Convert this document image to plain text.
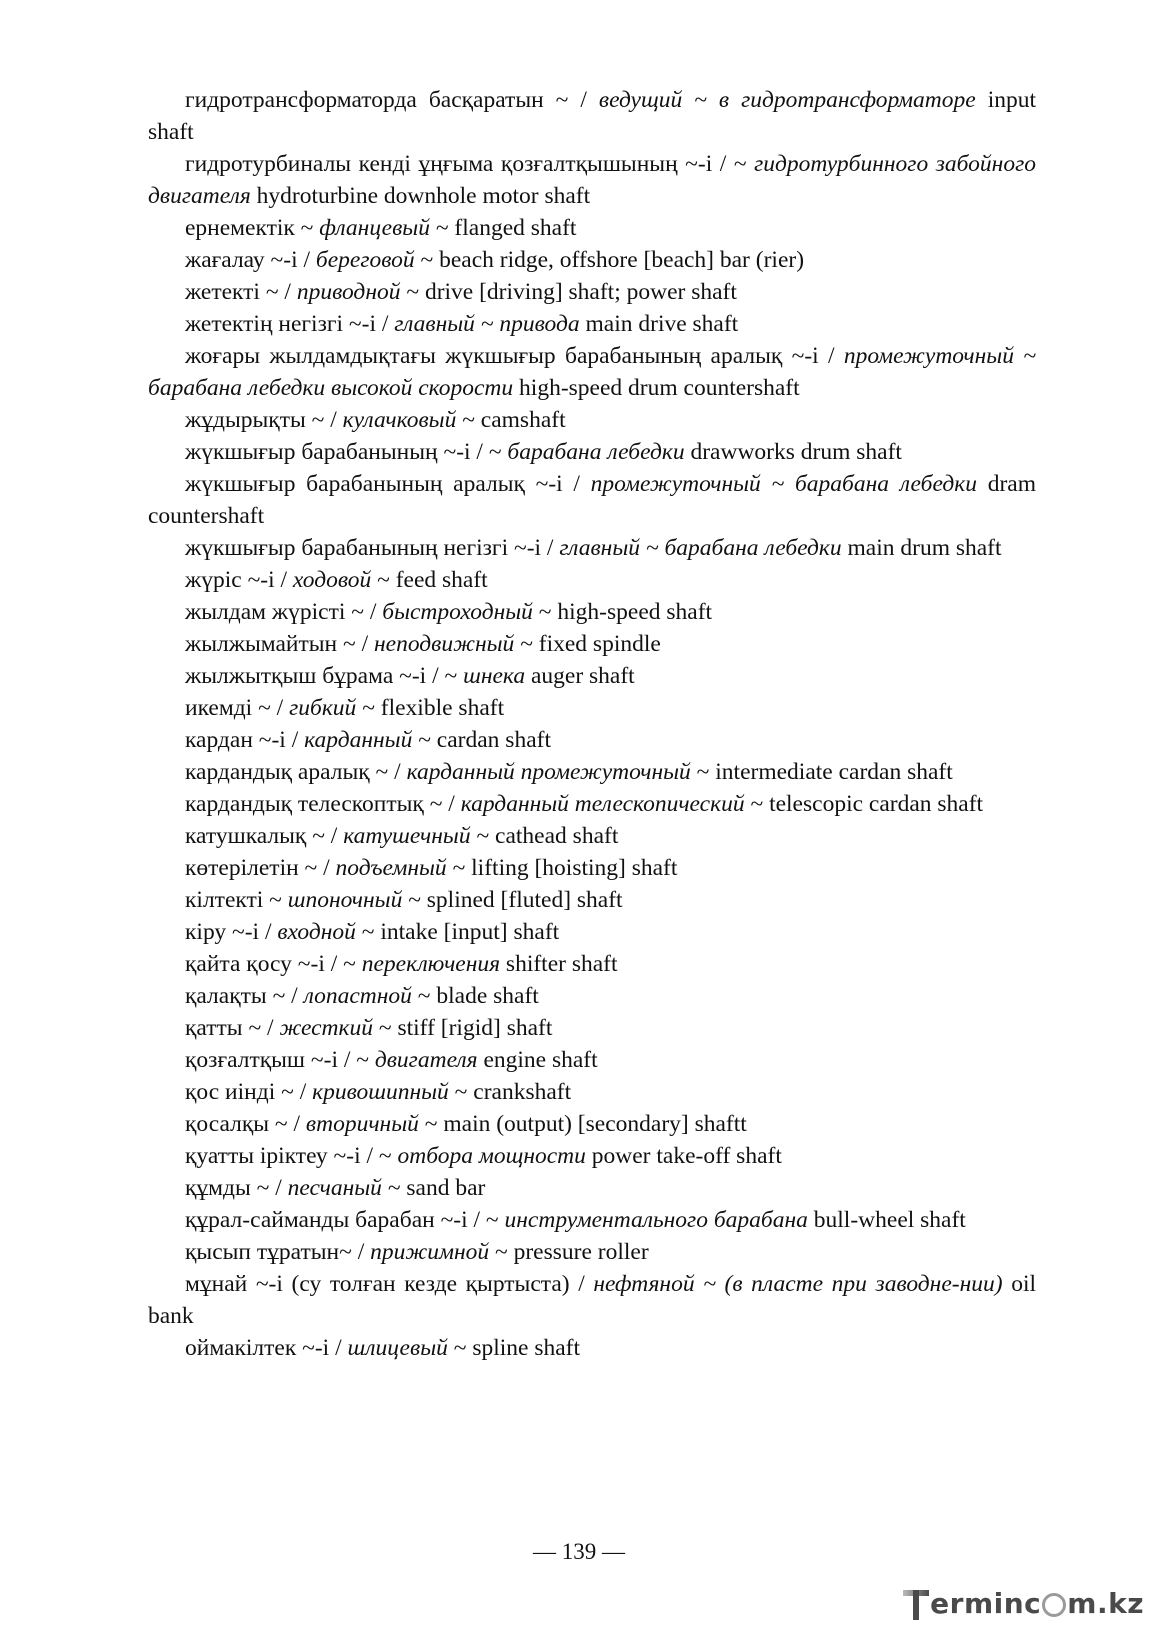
гидротрансформаторда басқаратын ~ / ведущий ~ в гидротрансформаторе input shaft

гидротурбиналы кенді ұңғыма қозғалтқышының ~-і / ~ гидротурбинного забойного двигателя hydroturbine downhole motor shaft

ернемектік ~ фланцевый ~ flanged shaft

жағалау ~-і / береговой ~ beach ridge, offshore [beach] bar (rier)

жетекті ~ / приводной ~ drive [driving] shaft; power shaft

жетектің негізгі ~-і / главный ~ привода main drive shaft

жоғары жылдамдықтағы жүкшығыр барабанының аралық ~-і / промежуточный ~ барабана лебедки высокой скорости high-speed drum countershaft

жұдырықты ~ / кулачковый ~ camshaft

жүкшығыр барабанының ~-і / ~ барабана лебедки drawworks drum shaft

жүкшығыр барабанының аралық ~-і / промежуточный ~ барабана лебедки dram countershaft

жүкшығыр барабанының негізгі ~-і / главный ~ барабана лебедки main drum shaft

жүріс ~-і / ходовой ~ feed shaft

жылдам жүрісті ~ / быстроходный ~ high-speed shaft

жылжымайтын ~ / неподвижный ~ fixed spindle

жылжытқыш бұрама ~-і / ~ шнека auger shaft

икемді ~ / гибкий ~ flexible shaft

кардан ~-і / карданный ~ cardan shaft

кардандық аралық ~ / карданный промежуточный ~ intermediate cardan shaft

кардандық телескоптық ~ / карданный телескопический ~ telescopic cardan shaft

катушкалық ~ / катушечный ~ cathead shaft

көтерілетін ~ / подъемный ~ lifting [hoisting] shaft

кілтекті ~ шпоночный ~ splined [fluted] shaft

кіру ~-і / входной ~ intake [input] shaft

қайта қосу ~-і / ~ переключения shifter shaft

қалақты ~ / лопастной ~ blade shaft

қатты ~ / жесткий ~ stiff [rigid] shaft

қозғалтқыш ~-і / ~ двигателя engine shaft

қос иінді ~ / кривошипный ~ crankshaft

қосалқы ~ / вторичный ~ main (output) [secondary] shaftt

қуатты іріктеу ~-і / ~ отбора мощности power take-off shaft

құмды ~ / песчаный ~ sand bar

құрал-сайманды барабан ~-і / ~ инструментального барабана bull-wheel shaft

қысып тұратын~ / прижимной ~ pressure roller

мұнай ~-і (су толған кезде қыртыста) / нефтяной ~ (в пласте при заводне-нии) oil bank

оймакілтек ~-і / шлицевый ~ spline shaft

— 139 —
ermin c m.kz
